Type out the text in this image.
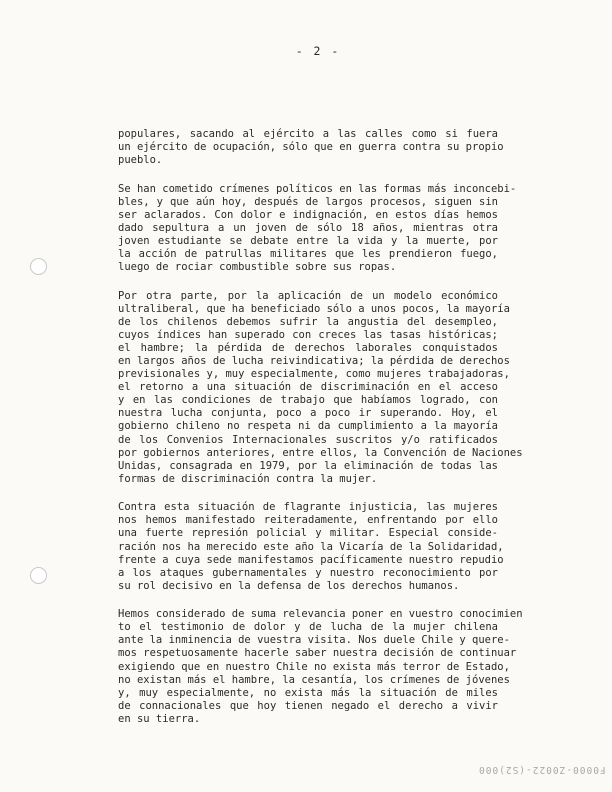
- 2 -

populares, sacando al ejército a las calles como si fuera
un ejército de ocupación, sólo que en guerra contra su propio
pueblo.

Se han cometido crímenes políticos en las formas más inconcebi-
bles, y que aún hoy, después de largos procesos, siguen sin
ser aclarados. Con dolor e indignación, en estos días hemos
dado sepultura a un joven de sólo 18 años, mientras otra
joven estudiante se debate entre la vida y la muerte, por
la acción de patrullas militares que les prendieron fuego,
luego de rociar combustible sobre sus ropas.

Por otra parte, por la aplicación de un modelo económico
ultraliberal, que ha beneficiado sólo a unos pocos, la mayoría
de los chilenos debemos sufrir la angustia del desempleo,
cuyos índices han superado con creces las tasas históricas;
el hambre; la pérdida de derechos laborales conquistados
en largos años de lucha reivindicativa; la pérdida de derechos
previsionales y, muy especialmente, como mujeres trabajadoras,
el retorno a una situación de discriminación en el acceso
y en las condiciones de trabajo que habíamos logrado, con
nuestra lucha conjunta, poco a poco ir superando. Hoy, el
gobierno chileno no respeta ni da cumplimiento a la mayoría
de los Convenios Internacionales suscritos y/o ratificados
por gobiernos anteriores, entre ellos, la Convención de Naciones
Unidas, consagrada en 1979, por la eliminación de todas las
formas de discriminación contra la mujer.

Contra esta situación de flagrante injusticia, las mujeres
nos hemos manifestado reiteradamente, enfrentando por ello
una fuerte represión policial y militar. Especial conside-
ración nos ha merecido este año la Vicaría de la Solidaridad,
frente a cuya sede manifestamos pacíficamente nuestro repudio
a los ataques gubernamentales y nuestro reconocimiento por
su rol decisivo en la defensa de los derechos humanos.

Hemos considerado de suma relevancia poner en vuestro conocimien
to el testimonio de dolor y de lucha de la mujer chilena
ante la inminencia de vuestra visita. Nos duele Chile y quere-
mos respetuosamente hacerle saber nuestra decisión de continuar
exigiendo que en nuestro Chile no exista más terror de Estado,
no existan más el hambre, la cesantía, los crímenes de jóvenes
y, muy especialmente, no exista más la situación de miles
de connacionales que hoy tienen negado el derecho a vivir
en su tierra.

F0000-Z0022-(S2)000
